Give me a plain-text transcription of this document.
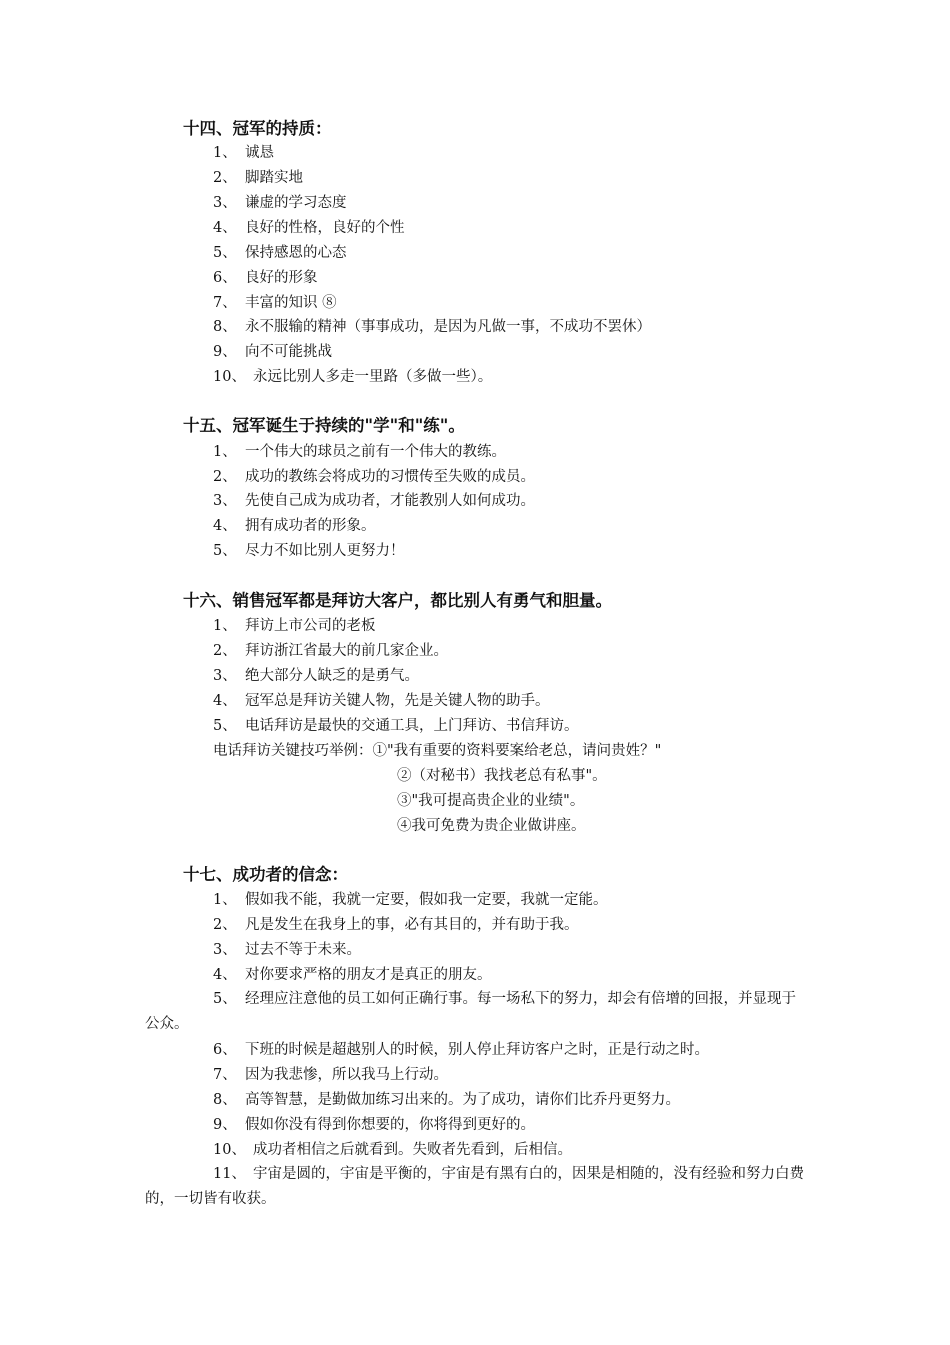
十四、冠军的持质：
1、 诚恳
2、 脚踏实地
3、 谦虚的学习态度
4、 良好的性格，良好的个性
5、 保持感恩的心态
6、 良好的形象
7、 丰富的知识 ⑧
8、 永不服输的精神（事事成功，是因为凡做一事，不成功不罢休）
9、 向不可能挑战
10、 永远比别人多走一里路（多做一些）。
十五、冠军诞生于持续的"学"和"练"。
1、 一个伟大的球员之前有一个伟大的教练。
2、 成功的教练会将成功的习惯传至失败的成员。
3、 先使自己成为成功者，才能教别人如何成功。
4、 拥有成功者的形象。
5、 尽力不如比别人更努力！
十六、销售冠军都是拜访大客户，都比别人有勇气和胆量。
1、 拜访上市公司的老板
2、 拜访浙江省最大的前几家企业。
3、 绝大部分人缺乏的是勇气。
4、 冠军总是拜访关键人物，先是关键人物的助手。
5、 电话拜访是最快的交通工具，上门拜访、书信拜访。
电话拜访关键技巧举例：①"我有重要的资料要案给老总，请问贵姓？"
②（对秘书）我找老总有私事"。
③"我可提高贵企业的业绩"。
④我可免费为贵企业做讲座。
十七、成功者的信念：
1、 假如我不能，我就一定要，假如我一定要，我就一定能。
2、 凡是发生在我身上的事，必有其目的，并有助于我。
3、 过去不等于未来。
4、 对你要求严格的朋友才是真正的朋友。
5、 经理应注意他的员工如何正确行事。每一场私下的努力，却会有倍增的回报，并显现于公众。
6、 下班的时候是超越别人的时候，别人停止拜访客户之时，正是行动之时。
7、 因为我悲惨，所以我马上行动。
8、 高等智慧，是勤做加练习出来的。为了成功，请你们比乔丹更努力。
9、 假如你没有得到你想要的，你将得到更好的。
10、 成功者相信之后就看到。失败者先看到，后相信。
11、 宇宙是圆的，宇宙是平衡的，宇宙是有黑有白的，因果是相随的，没有经验和努力白费的，一切皆有收获。
